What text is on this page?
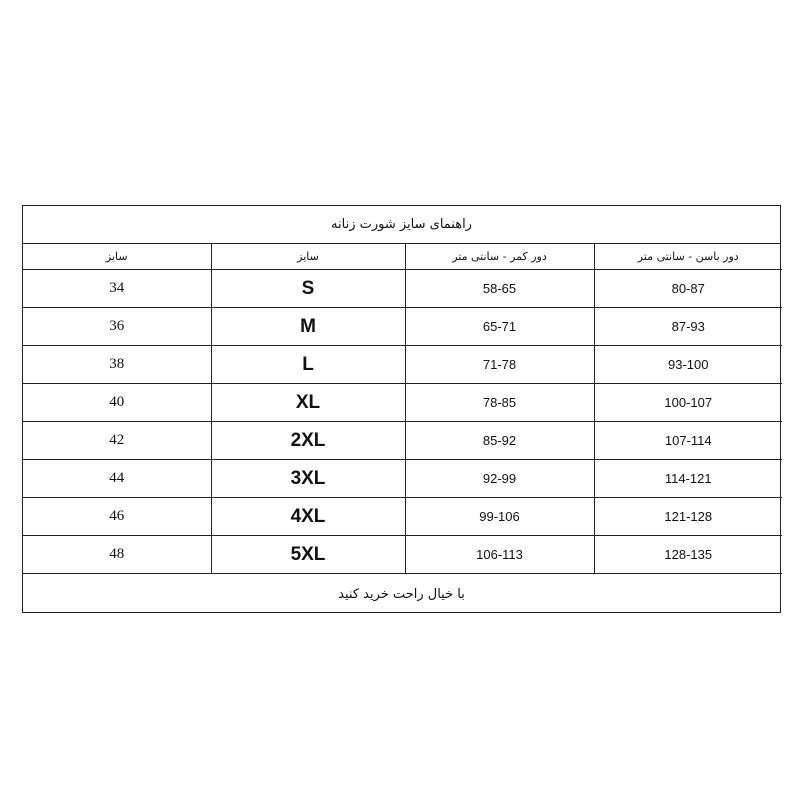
راهنمای سایز شورت زنانه
سایز	سایز	دور کمر - سانتی متر	دور باسن - سانتی متر
34	S	58-65	80-87
36	M	65-71	87-93
38	L	71-78	93-100
40	XL	78-85	100-107
42	2XL	85-92	107-114
44	3XL	92-99	114-121
46	4XL	99-106	121-128
48	5XL	106-113	128-135
با خیال راحت خرید کنید
